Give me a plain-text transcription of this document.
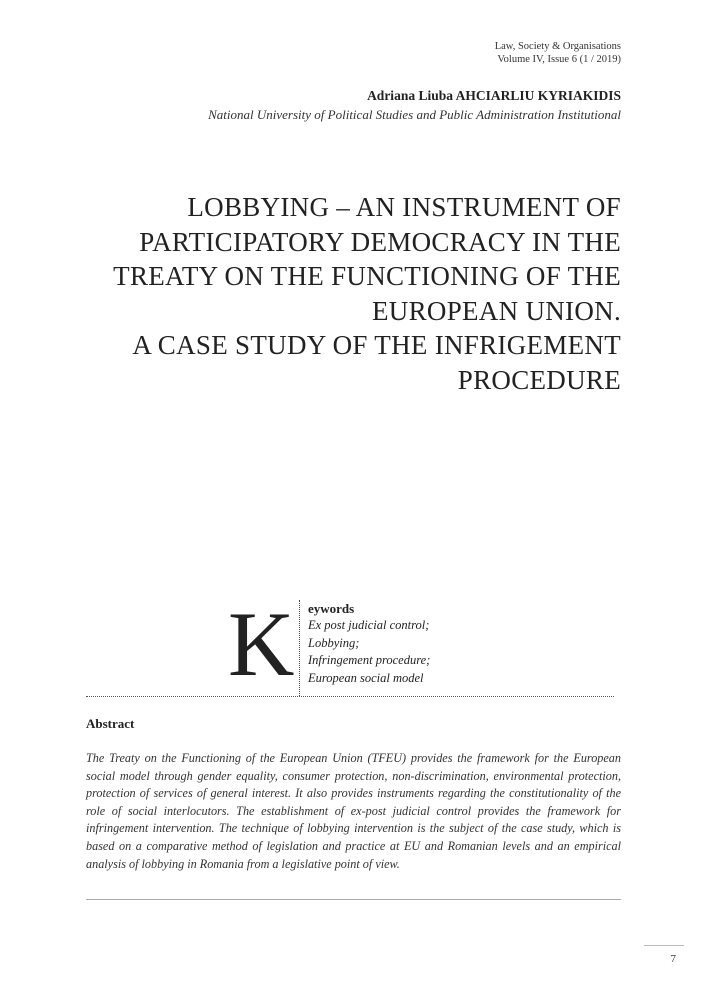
Law, Society & Organisations
Volume IV, Issue 6 (1 / 2019)
Adriana Liuba AHCIARLIU KYRIAKIDIS
National University of Political Studies and Public Administration Institutional
LOBBYING – AN INSTRUMENT OF
PARTICIPATORY DEMOCRACY IN THE
TREATY ON THE FUNCTIONING OF THE
EUROPEAN UNION.
A CASE STUDY OF THE INFRIGEMENT
PROCEDURE
K eywords
Ex post judicial control;
Lobbying;
Infringement procedure;
European social model
Abstract
The Treaty on the Functioning of the European Union (TFEU) provides the framework for the European social model through gender equality, consumer protection, non-discrimination, environmental protection, protection of services of general interest. It also provides instruments regarding the constitutionality of the role of social interlocutors. The establishment of ex-post judicial control provides the framework for infringement intervention. The technique of lobbying intervention is the subject of the case study, which is based on a comparative method of legislation and practice at EU and Romanian levels and an empirical analysis of lobbying in Romania from a legislative point of view.
7
